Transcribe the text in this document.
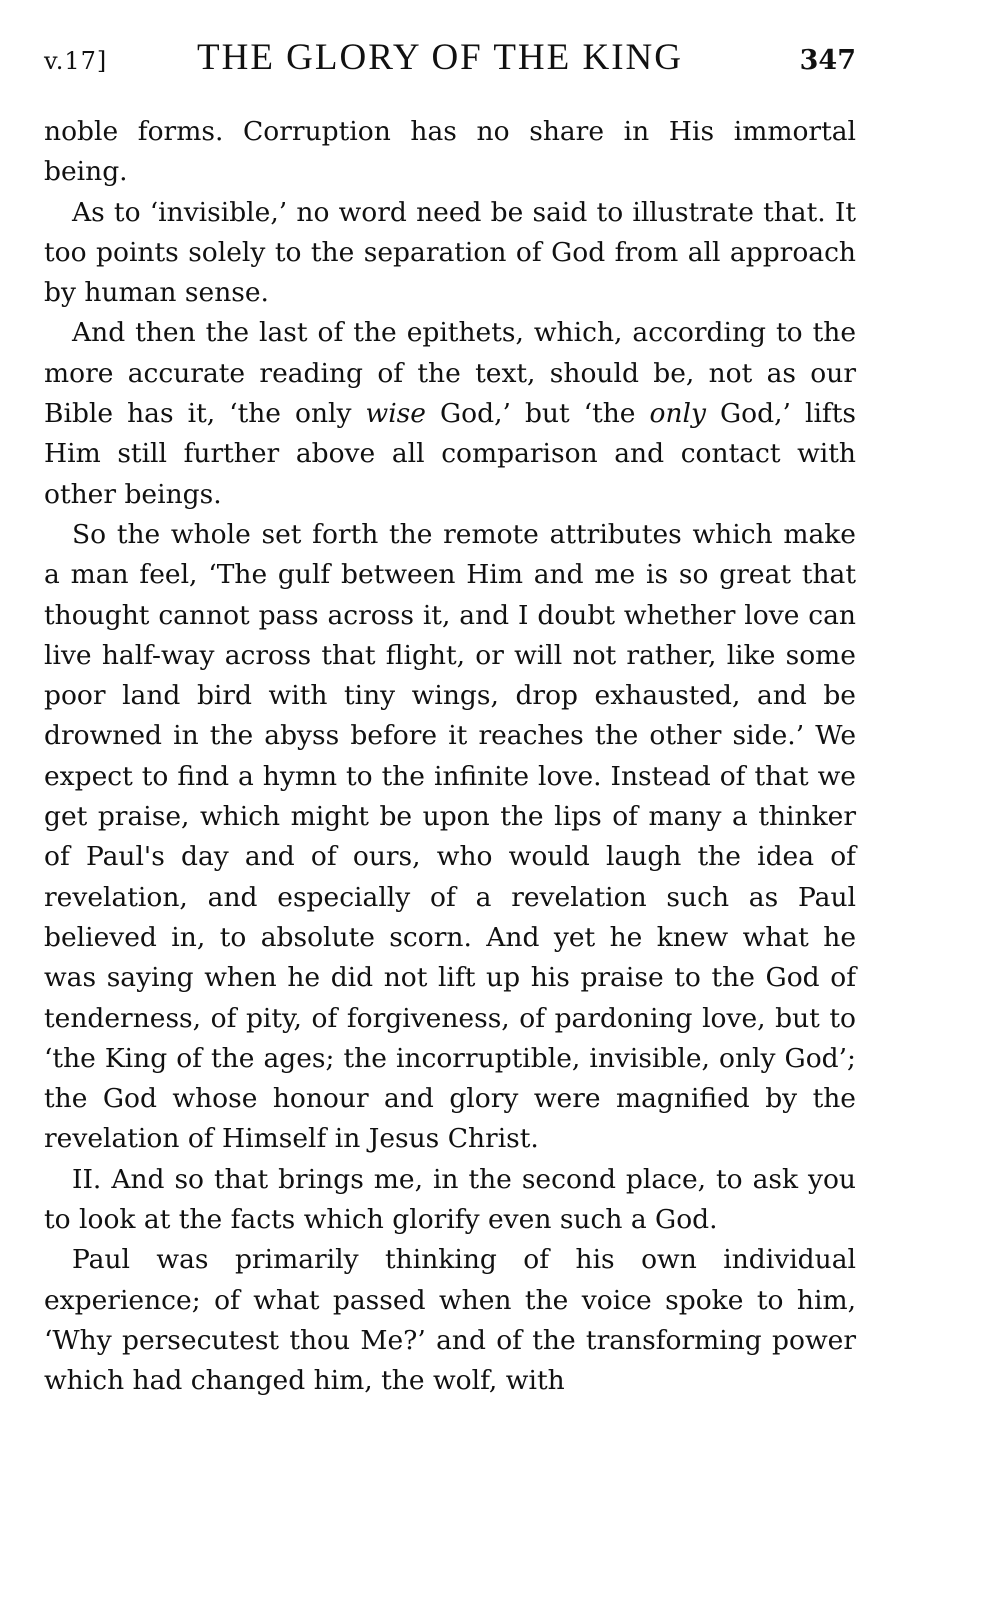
v.17]	THE GLORY OF THE KING	347

noble forms. Corruption has no share in His immortal being.

As to ‘invisible,’ no word need be said to illustrate that. It too points solely to the separation of God from all approach by human sense.

And then the last of the epithets, which, according to the more accurate reading of the text, should be, not as our Bible has it, ‘the only wise God,’ but ‘the only God,’ lifts Him still further above all comparison and contact with other beings.

So the whole set forth the remote attributes which make a man feel, ‘The gulf between Him and me is so great that thought cannot pass across it, and I doubt whether love can live half-way across that flight, or will not rather, like some poor land bird with tiny wings, drop exhausted, and be drowned in the abyss before it reaches the other side.’ We expect to find a hymn to the infinite love. Instead of that we get praise, which might be upon the lips of many a thinker of Paul's day and of ours, who would laugh the idea of revelation, and especially of a revelation such as Paul believed in, to absolute scorn. And yet he knew what he was saying when he did not lift up his praise to the God of tenderness, of pity, of forgiveness, of pardoning love, but to ‘the King of the ages; the incorruptible, invisible, only God’; the God whose honour and glory were magnified by the revelation of Himself in Jesus Christ.

II. And so that brings me, in the second place, to ask you to look at the facts which glorify even such a God.

Paul was primarily thinking of his own individual experience; of what passed when the voice spoke to him, ‘Why persecutest thou Me?’ and of the transforming power which had changed him, the wolf, with
